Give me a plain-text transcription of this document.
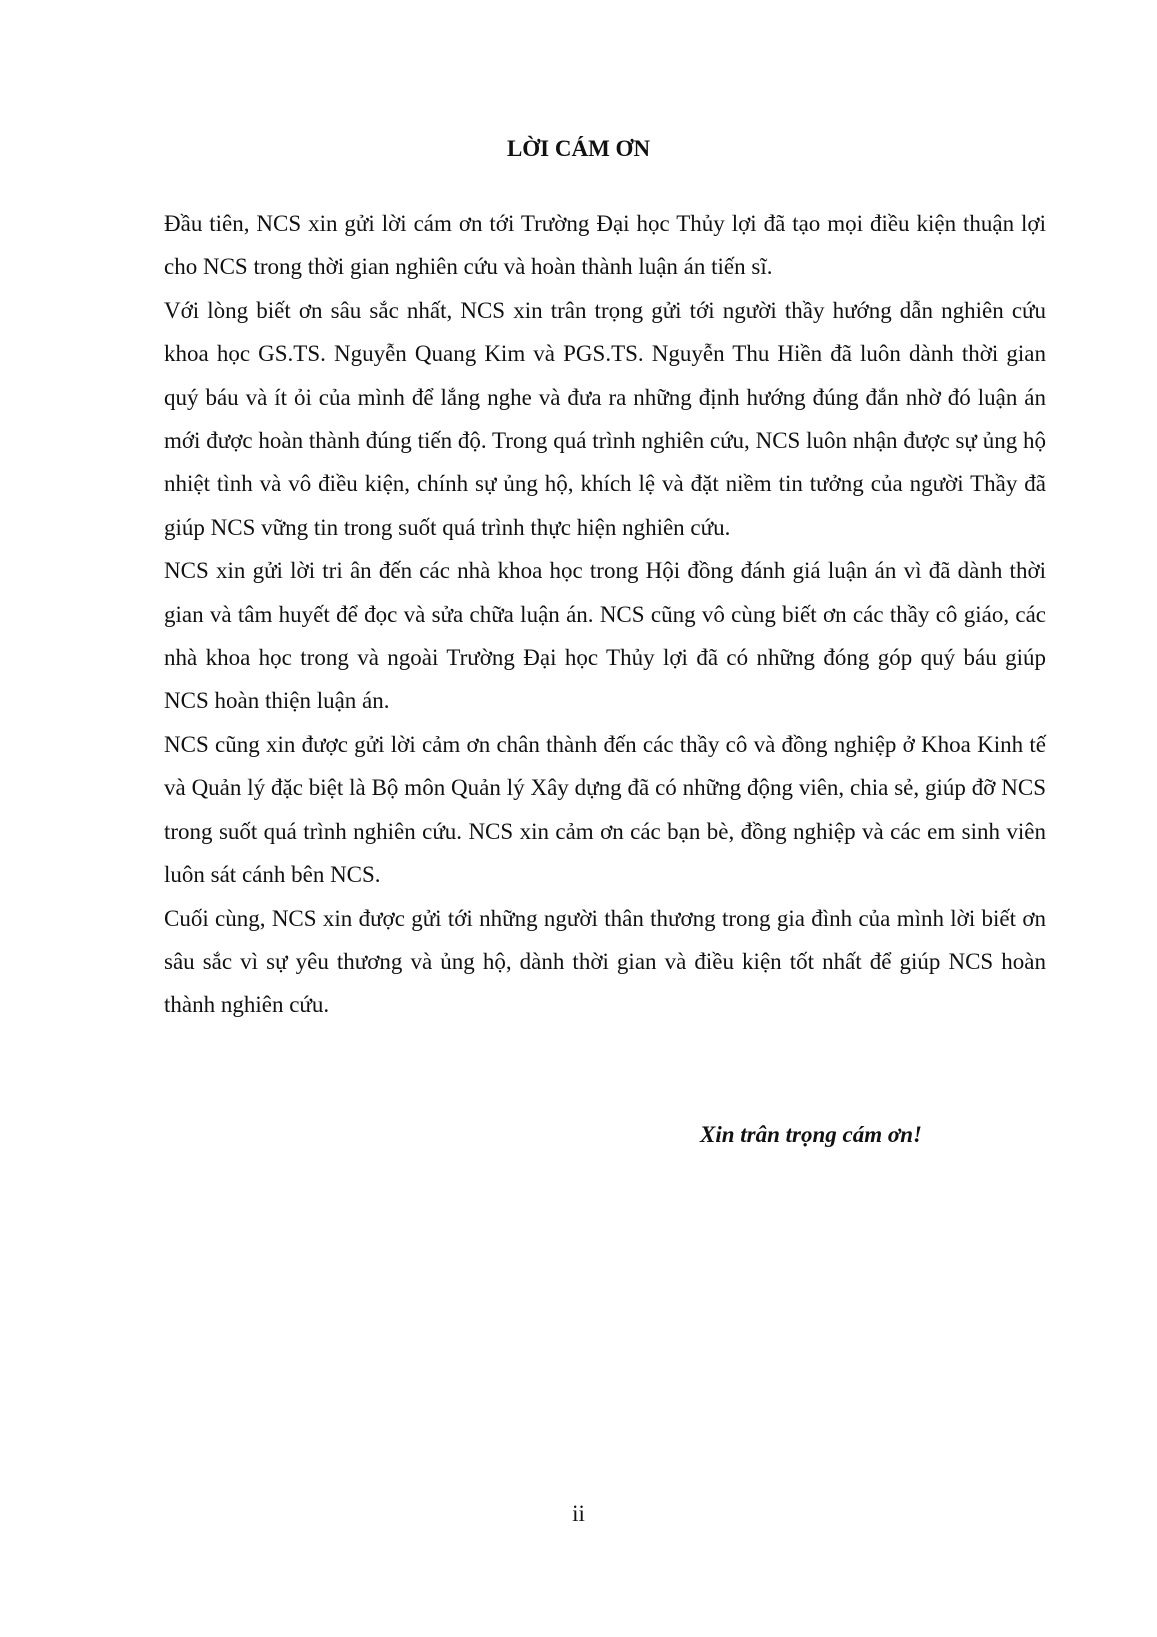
LỜI CÁM ƠN

Đầu tiên, NCS xin gửi lời cám ơn tới Trường Đại học Thủy lợi đã tạo mọi điều kiện thuận lợi cho NCS trong thời gian nghiên cứu và hoàn thành luận án tiến sĩ.

Với lòng biết ơn sâu sắc nhất, NCS xin trân trọng gửi tới người thầy hướng dẫn nghiên cứu khoa học GS.TS. Nguyễn Quang Kim và PGS.TS. Nguyễn Thu Hiền đã luôn dành thời gian quý báu và ít ỏi của mình để lắng nghe và đưa ra những định hướng đúng đắn nhờ đó luận án mới được hoàn thành đúng tiến độ. Trong quá trình nghiên cứu, NCS luôn nhận được sự ủng hộ nhiệt tình và vô điều kiện, chính sự ủng hộ, khích lệ và đặt niềm tin tưởng của người Thầy đã giúp NCS vững tin trong suốt quá trình thực hiện nghiên cứu.

NCS xin gửi lời tri ân đến các nhà khoa học trong Hội đồng đánh giá luận án vì đã dành thời gian và tâm huyết để đọc và sửa chữa luận án. NCS cũng vô cùng biết ơn các thầy cô giáo, các nhà khoa học trong và ngoài Trường Đại học Thủy lợi đã có những đóng góp quý báu giúp NCS hoàn thiện luận án.

NCS cũng xin được gửi lời cảm ơn chân thành đến các thầy cô và đồng nghiệp ở Khoa Kinh tế và Quản lý đặc biệt là Bộ môn Quản lý Xây dựng đã có những động viên, chia sẻ, giúp đỡ NCS trong suốt quá trình nghiên cứu. NCS xin cảm ơn các bạn bè, đồng nghiệp và các em sinh viên luôn sát cánh bên NCS.

Cuối cùng, NCS xin được gửi tới những người thân thương trong gia đình của mình lời biết ơn sâu sắc vì sự yêu thương và ủng hộ, dành thời gian và điều kiện tốt nhất để giúp NCS hoàn thành nghiên cứu.

Xin trân trọng cám ơn!

ii
